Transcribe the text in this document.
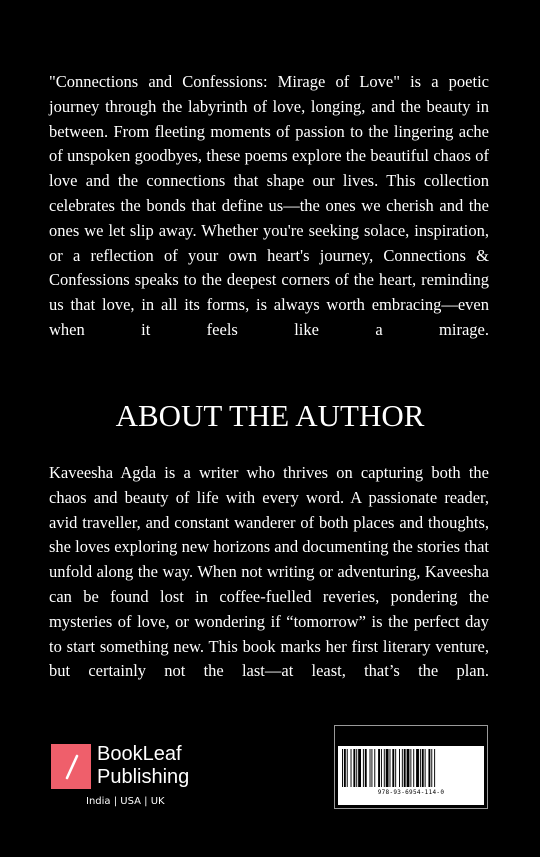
"Connections and Confessions: Mirage of Love" is a poetic journey through the labyrinth of love, longing, and the beauty in between. From fleeting moments of passion to the lingering ache of unspoken goodbyes, these poems explore the beautiful chaos of love and the connections that shape our lives. This collection celebrates the bonds that define us—the ones we cherish and the ones we let slip away. Whether you're seeking solace, inspiration, or a reflection of your own heart's journey, Connections & Confessions speaks to the deepest corners of the heart, reminding us that love, in all its forms, is always worth embracing—even when it feels like a mirage.

ABOUT THE AUTHOR

Kaveesha Agda is a writer who thrives on capturing both the chaos and beauty of life with every word. A passionate reader, avid traveller, and constant wanderer of both places and thoughts, she loves exploring new horizons and documenting the stories that unfold along the way. When not writing or adventuring, Kaveesha can be found lost in coffee-fuelled reveries, pondering the mysteries of love, or wondering if “tomorrow” is the perfect day to start something new. This book marks her first literary venture, but certainly not the last—at least, that’s the plan.

BookLeaf
Publishing
India | USA | UK
978-93-6954-114-0
